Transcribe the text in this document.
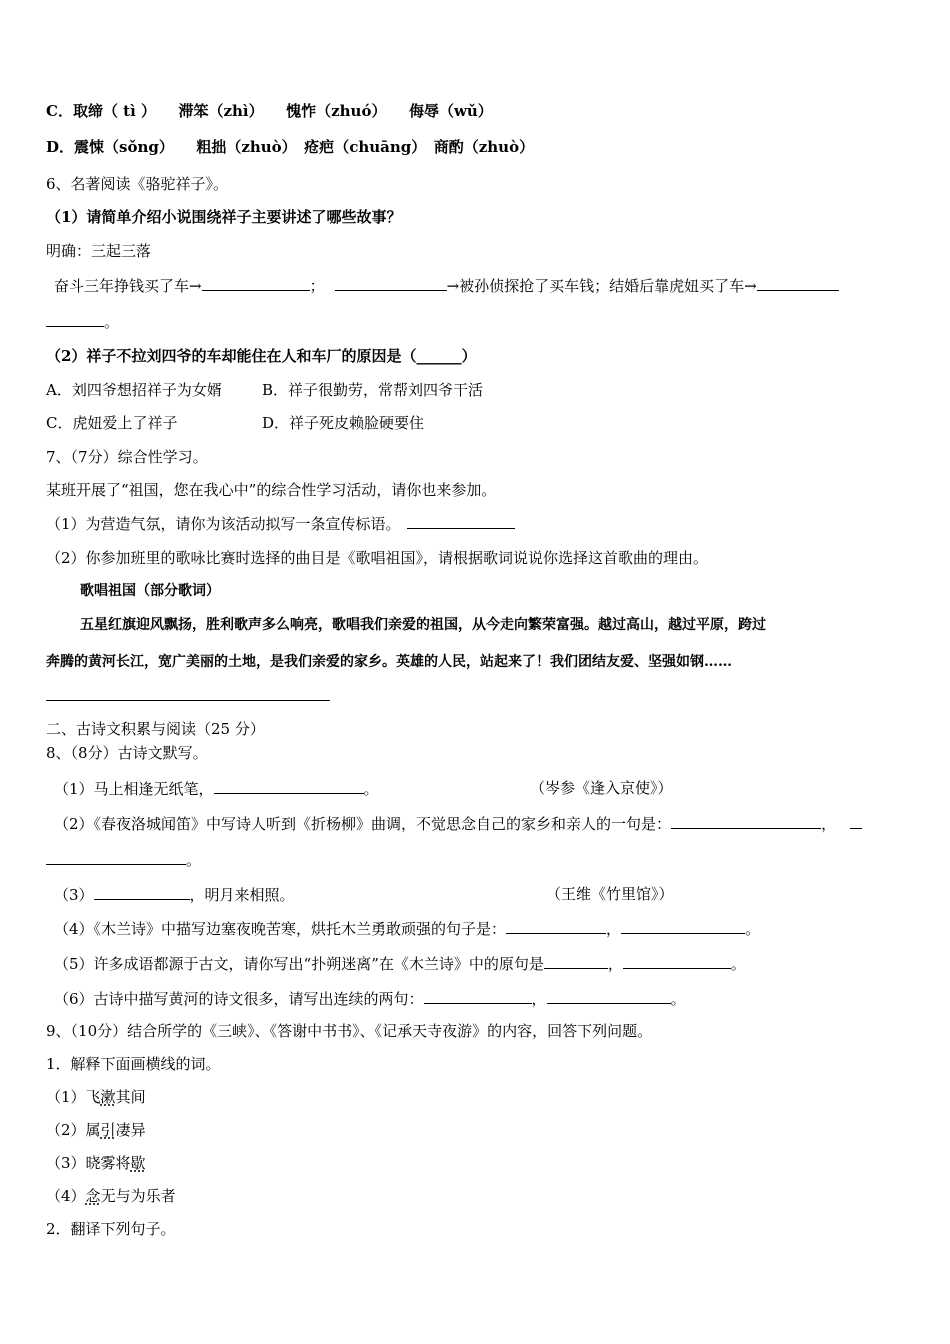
C．取缔（ tì ）　　滞笨（zhì）　　愧怍（zhuó）　　侮辱（wǔ）
D．震悚（sǒng）　　粗拙（zhuò）　疮疤（chuāng）　商酌（zhuò）
6、名著阅读《骆驼祥子》。
（1）请简单介绍小说围绕祥子主要讲述了哪些故事？
明确：三起三落
奋斗三年挣钱买了车→	；	→被孙侦探抢了买车钱；结婚后靠虎妞买了车→
。
（2）祥子不拉刘四爷的车却能住在人和车厂的原因是（______）
A．刘四爷想招祥子为女婿	B．祥子很勤劳，常帮刘四爷干活
C．虎妞爱上了祥子	D．祥子死皮赖脸硬要住
7、（7分）综合性学习。
某班开展了“祖国，您在我心中”的综合性学习活动，请你也来参加。
（1）为营造气氛，请你为该活动拟写一条宣传标语。
（2）你参加班里的歌咏比赛时选择的曲目是《歌唱祖国》，请根据歌词说说你选择这首歌曲的理由。
歌唱祖国（部分歌词）
五星红旗迎风飘扬，胜利歌声多么响亮，歌唱我们亲爱的祖国，从今走向繁荣富强。越过高山，越过平原，跨过
奔腾的黄河长江，宽广美丽的土地，是我们亲爱的家乡。英雄的人民，站起来了！我们团结友爱、坚强如钢……
二、古诗文积累与阅读（25 分）
8、（8分）古诗文默写。
（1）马上相逢无纸笔，	。	（岑参《逢入京使》）
（2）《春夜洛城闻笛》中写诗人听到《折杨柳》曲调，不觉思念自己的家乡和亲人的一句是：	，
。
（3）	，明月来相照。	（王维《竹里馆》）
（4）《木兰诗》中描写边塞夜晚苦寒，烘托木兰勇敢顽强的句子是：	，	。
（5）许多成语都源于古文，请你写出“扑朔迷离”在《木兰诗》中的原句是	，	。
（6）古诗中描写黄河的诗文很多，请写出连续的两句：	，	。
9、（10分）结合所学的《三峡》、《答谢中书书》、《记承天寺夜游》的内容，回答下列问题。
1．解释下面画横线的词。
（1）飞漱其间
（2）属引凄异
（3）晓雾将歇
（4）念无与为乐者
2．翻译下列句子。
